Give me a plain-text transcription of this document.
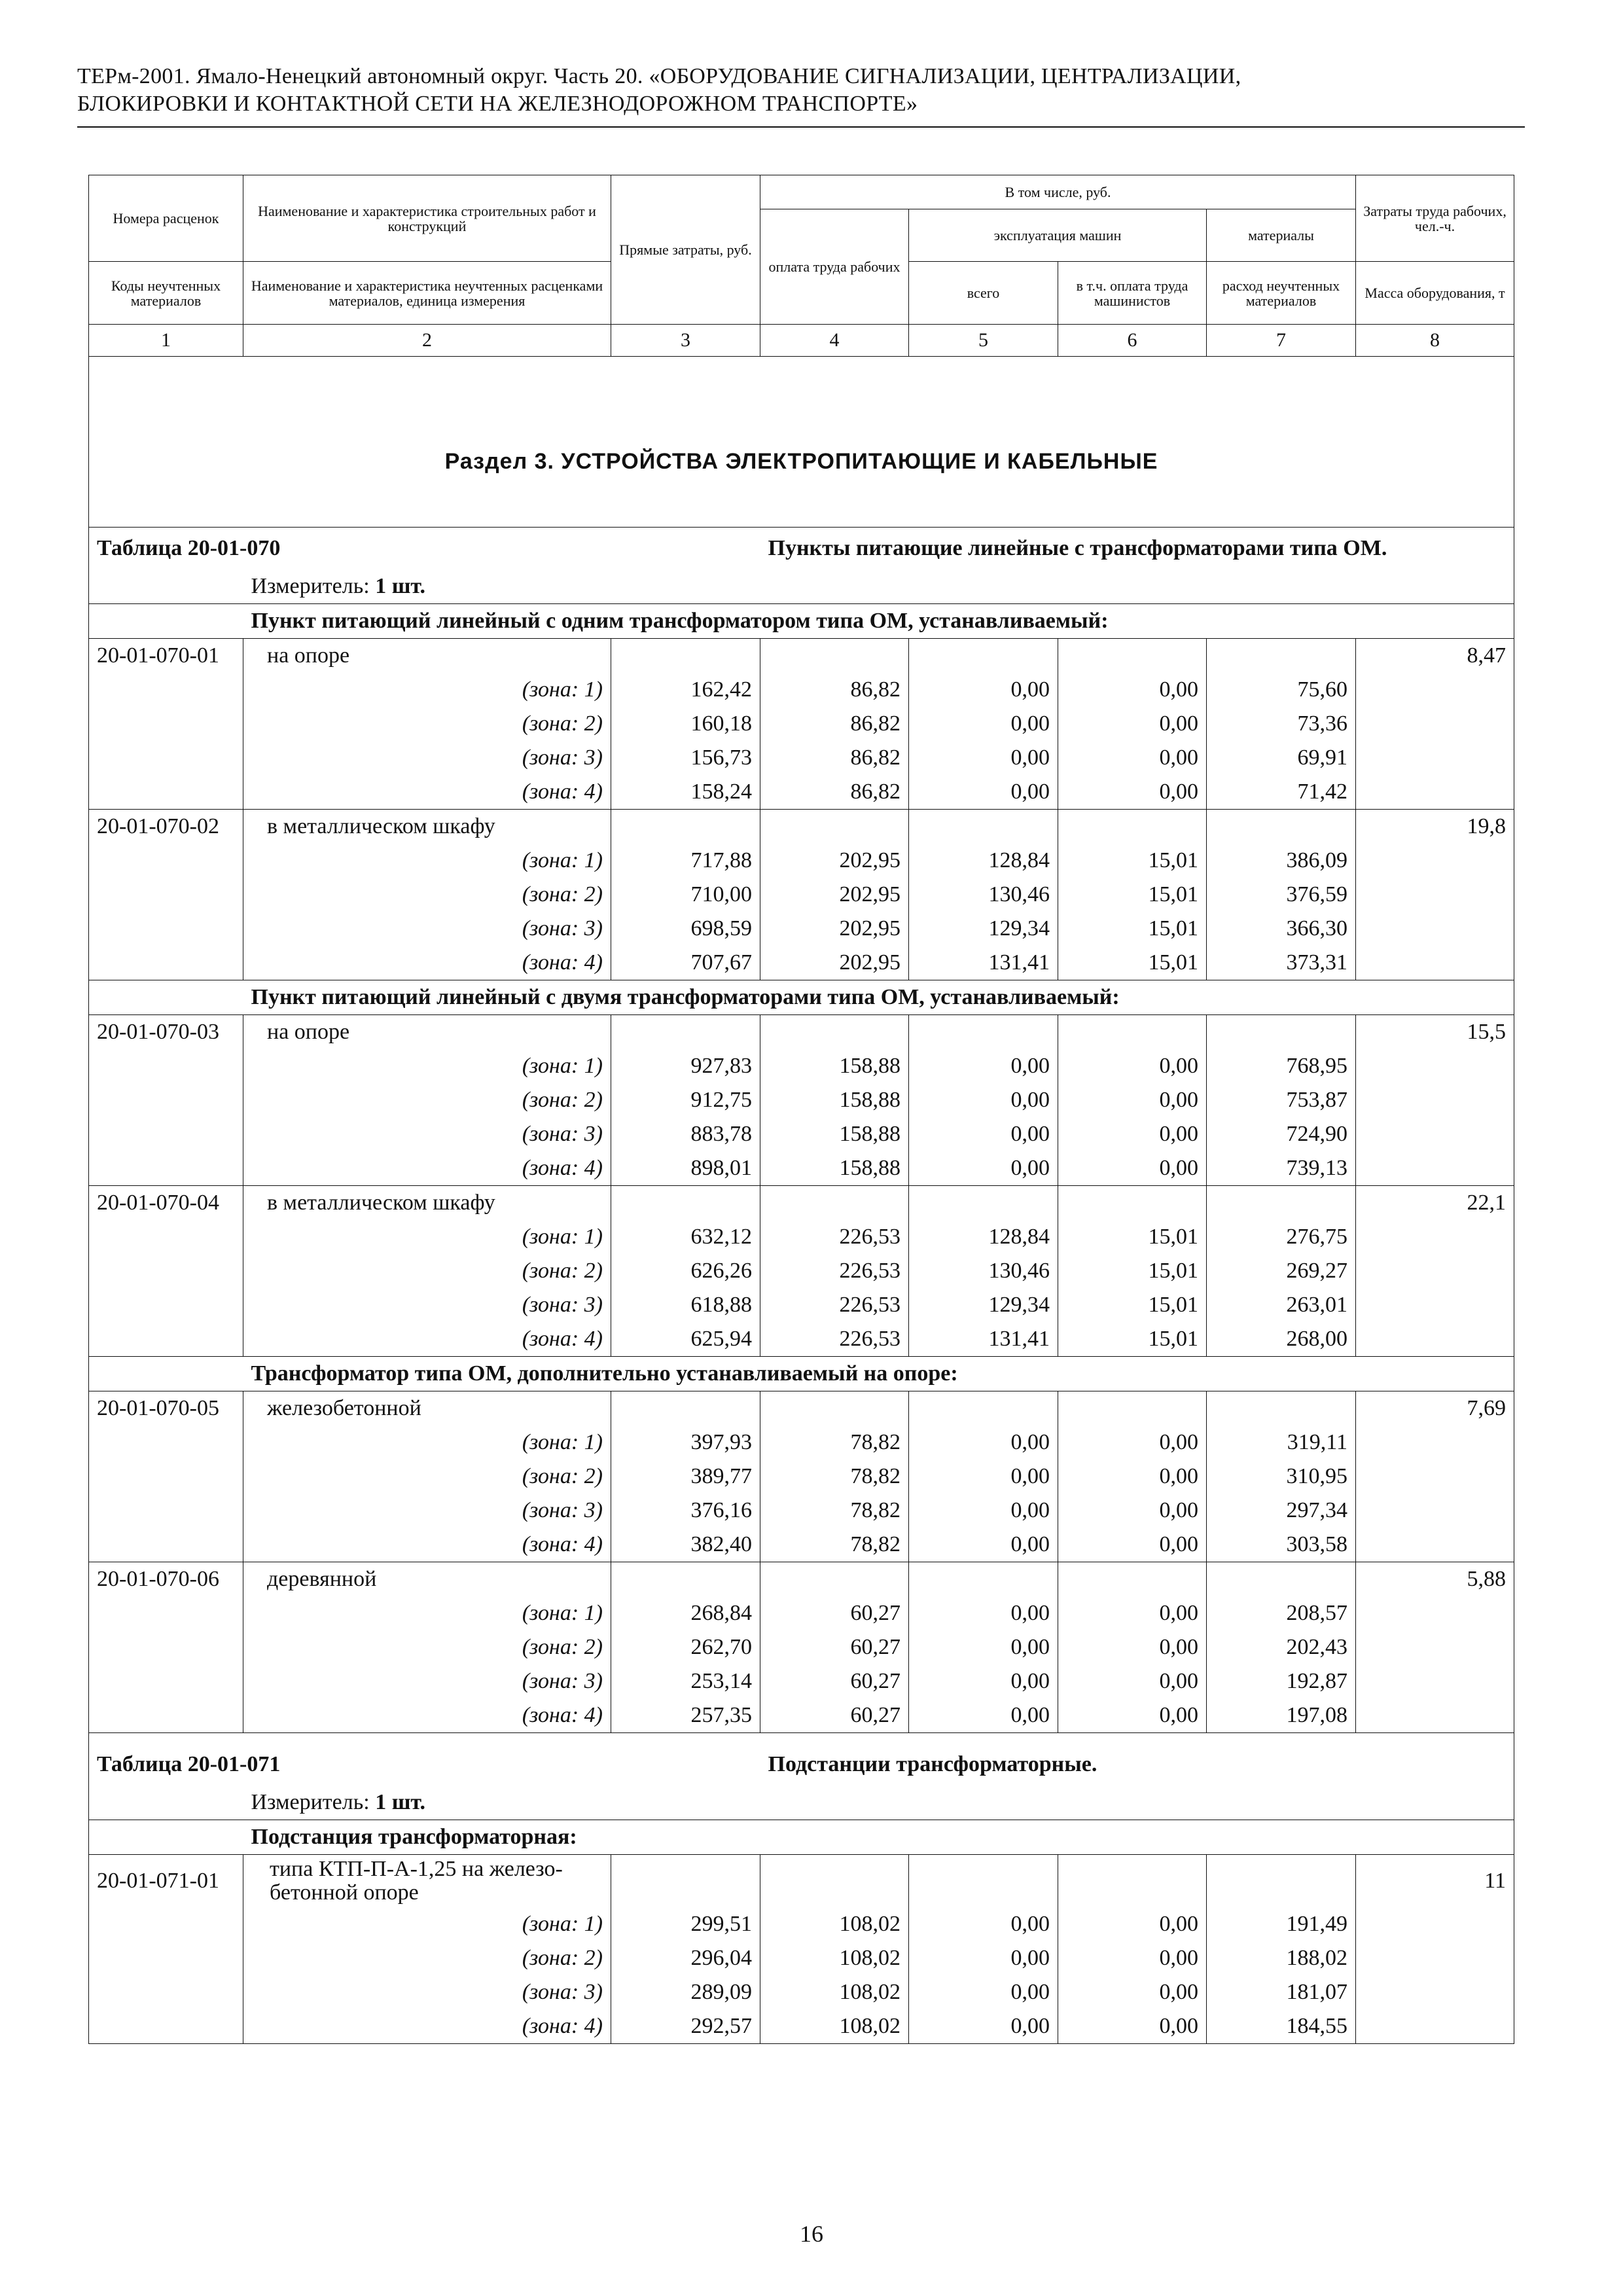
ТЕРм-2001. Ямало-Ненецкий автономный округ. Часть 20. «ОБОРУДОВАНИЕ СИГНАЛИЗАЦИИ, ЦЕНТРАЛИЗАЦИИ,
БЛОКИРОВКИ И КОНТАКТНОЙ СЕТИ НА ЖЕЛЕЗНОДОРОЖНОМ ТРАНСПОРТЕ»
Номера расценок	Наименование и характеристика строительных работ и конструкций	Прямые затраты, руб.	В том числе, руб.				Затраты труда рабочих, чел.-ч.
			оплата труда рабочих	эксплуатация машин		материалы	
Коды неучтенных материалов	Наименование и характеристика неучтенных расценками материалов, единица измерения			всего	в т.ч. оплата труда машинистов	расход неучтенных материалов	Масса оборудования, т
1	2	3	4	5	6	7	8
Раздел 3. УСТРОЙСТВА ЭЛЕКТРОПИТАЮЩИЕ И КАБЕЛЬНЫЕ							
Таблица 20-01-070			Пункты питающие линейные с трансформаторами типа ОМ.				
	Измеритель: 1 шт.						
	Пункт питающий линейный с одним трансформатором типа ОМ, устанавливаемый:						
20-01-070-01	на опоре						8,47
	(зона: 1)	162,42	86,82	0,00	0,00	75,60	
	(зона: 2)	160,18	86,82	0,00	0,00	73,36	
	(зона: 3)	156,73	86,82	0,00	0,00	69,91	
	(зона: 4)	158,24	86,82	0,00	0,00	71,42	
20-01-070-02	в металлическом шкафу						19,8
	(зона: 1)	717,88	202,95	128,84	15,01	386,09	
	(зона: 2)	710,00	202,95	130,46	15,01	376,59	
	(зона: 3)	698,59	202,95	129,34	15,01	366,30	
	(зона: 4)	707,67	202,95	131,41	15,01	373,31	
	Пункт питающий линейный с двумя трансформаторами типа ОМ, устанавливаемый:						
20-01-070-03	на опоре						15,5
	(зона: 1)	927,83	158,88	0,00	0,00	768,95	
	(зона: 2)	912,75	158,88	0,00	0,00	753,87	
	(зона: 3)	883,78	158,88	0,00	0,00	724,90	
	(зона: 4)	898,01	158,88	0,00	0,00	739,13	
20-01-070-04	в металлическом шкафу						22,1
	(зона: 1)	632,12	226,53	128,84	15,01	276,75	
	(зона: 2)	626,26	226,53	130,46	15,01	269,27	
	(зона: 3)	618,88	226,53	129,34	15,01	263,01	
	(зона: 4)	625,94	226,53	131,41	15,01	268,00	
	Трансформатор типа ОМ, дополнительно устанавливаемый на опоре:						
20-01-070-05	железобетонной						7,69
	(зона: 1)	397,93	78,82	0,00	0,00	319,11	
	(зона: 2)	389,77	78,82	0,00	0,00	310,95	
	(зона: 3)	376,16	78,82	0,00	0,00	297,34	
	(зона: 4)	382,40	78,82	0,00	0,00	303,58	
20-01-070-06	деревянной						5,88
	(зона: 1)	268,84	60,27	0,00	0,00	208,57	
	(зона: 2)	262,70	60,27	0,00	0,00	202,43	
	(зона: 3)	253,14	60,27	0,00	0,00	192,87	
	(зона: 4)	257,35	60,27	0,00	0,00	197,08	
Таблица 20-01-071			Подстанции трансформаторные.				
	Измеритель: 1 шт.						
	Подстанция трансформаторная:						
20-01-071-01	типа КТП-П-А-1,25 на железо-бетонной опоре						11
	(зона: 1)	299,51	108,02	0,00	0,00	191,49	
	(зона: 2)	296,04	108,02	0,00	0,00	188,02	
	(зона: 3)	289,09	108,02	0,00	0,00	181,07	
	(зона: 4)	292,57	108,02	0,00	0,00	184,55	
16
